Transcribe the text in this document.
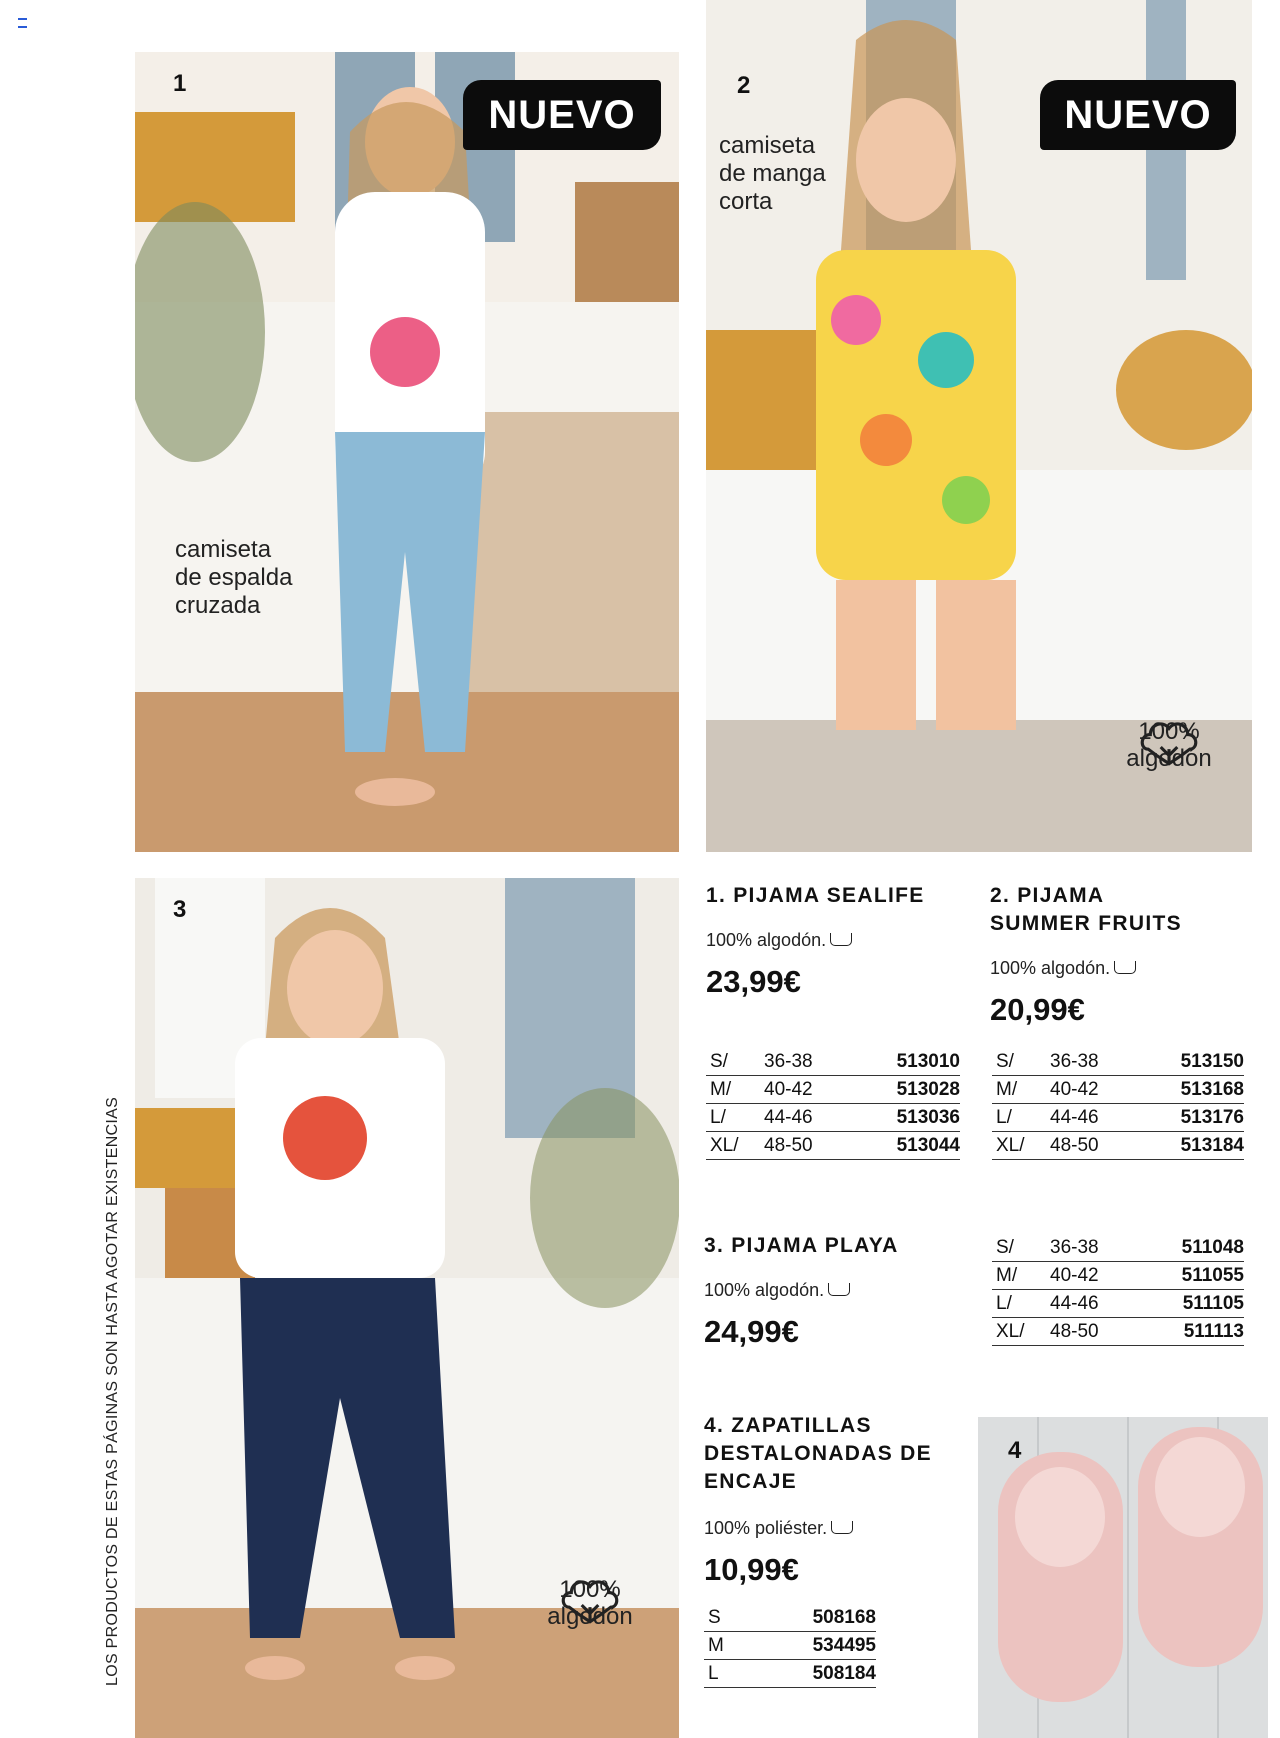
1
NUEVO
camiseta
de espalda
cruzada
2
NUEVO
camiseta
de manga
corta
100%
algodón
3
100%
algodón
4
LOS PRODUCTOS DE ESTAS PÁGINAS SON HASTA AGOTAR EXISTENCIAS
1. PIJAMA SEALIFE
100% algodón.
23,99€
S/ 36-38	513010
M/ 40-42	513028
L/ 44-46	513036
XL/ 48-50	513044
2. PIJAMA
SUMMER FRUITS
100% algodón.
20,99€
S/ 36-38	513150
M/ 40-42	513168
L/ 44-46	513176
XL/ 48-50	513184
3. PIJAMA PLAYA
100% algodón.
24,99€
S/ 36-38	511048
M/ 40-42	511055
L/ 44-46	511105
XL/ 48-50	511113
4. ZAPATILLAS
DESTALONADAS DE
ENCAJE
100% poliéster.
10,99€
S	508168
M	534495
L	508184
